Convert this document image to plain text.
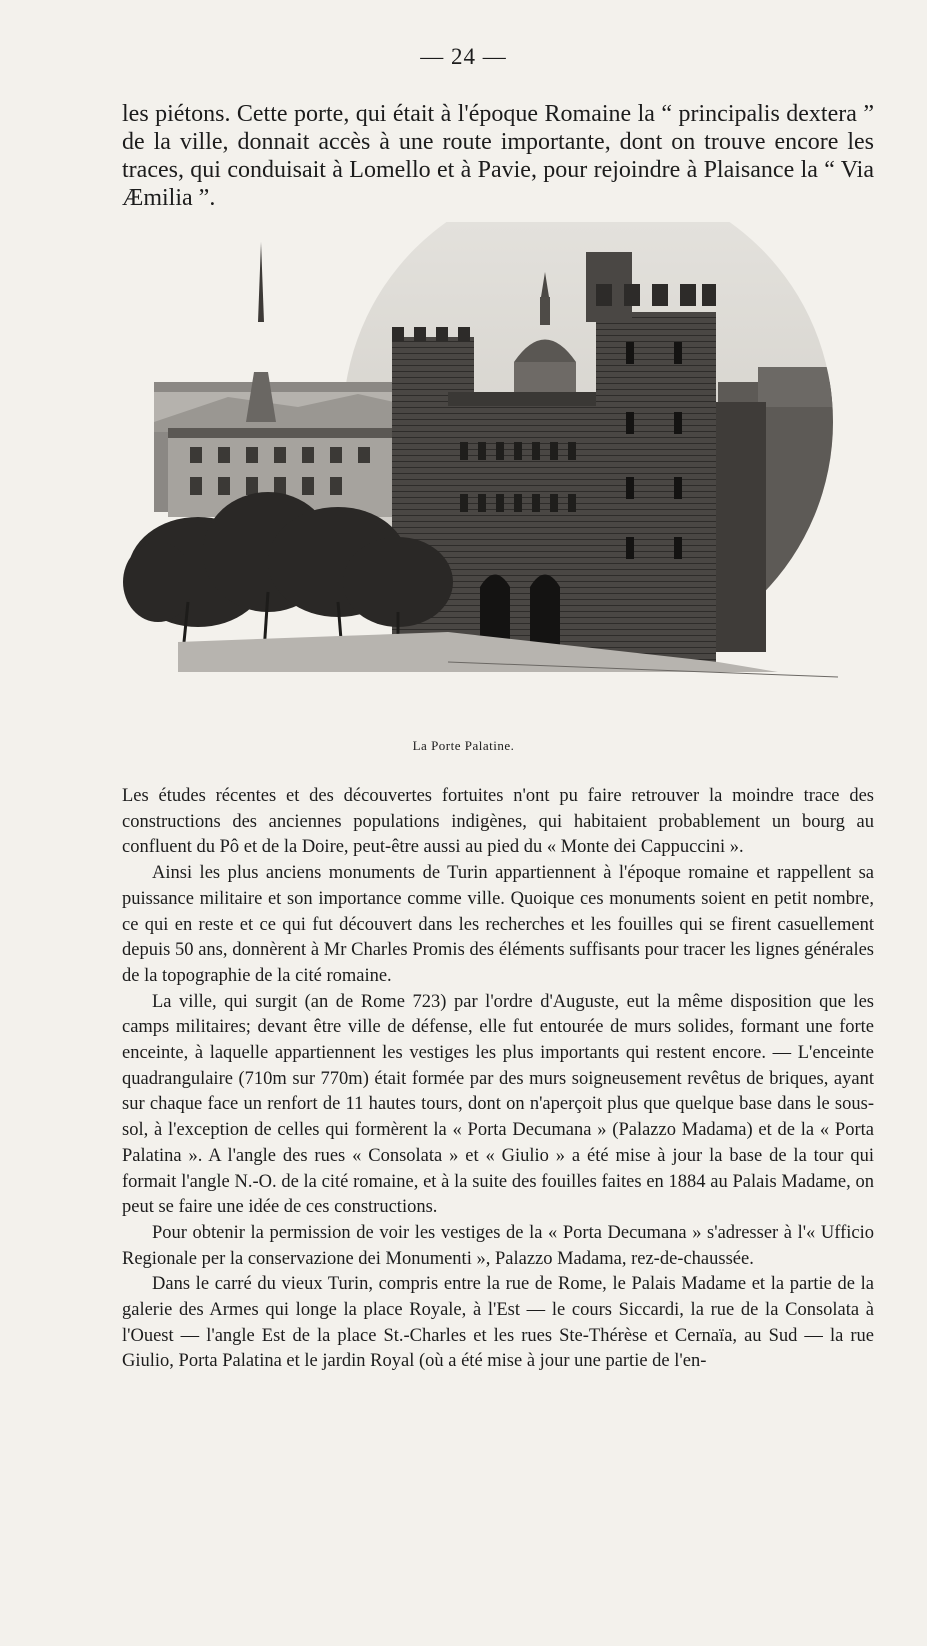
— 24 —

les piétons. Cette porte, qui était à l'époque Romaine la “ principalis dextera ” de la ville, donnait accès à une route importante, dont on trouve encore les traces, qui conduisait à Lomello et à Pavie, pour rejoindre à Plaisance la “ Via Æmilia ”.

La Porte Palatine.

Les études récentes et des découvertes fortuites n'ont pu faire retrouver la moindre trace des constructions des anciennes populations indigènes, qui habitaient probablement un bourg au confluent du Pô et de la Doire, peut-être aussi au pied du « Monte dei Cappuccini ».

Ainsi les plus anciens monuments de Turin appartiennent à l'époque romaine et rappellent sa puissance militaire et son importance comme ville. Quoique ces monuments soient en petit nombre, ce qui en reste et ce qui fut découvert dans les recherches et les fouilles qui se firent casuellement depuis 50 ans, donnèrent à Mr Charles Promis des éléments suffisants pour tracer les lignes générales de la topographie de la cité romaine.

La ville, qui surgit (an de Rome 723) par l'ordre d'Auguste, eut la même disposition que les camps militaires; devant être ville de défense, elle fut entourée de murs solides, formant une forte enceinte, à laquelle appartiennent les vestiges les plus importants qui restent encore. — L'enceinte quadrangulaire (710m sur 770m) était formée par des murs soigneusement revêtus de briques, ayant sur chaque face un renfort de 11 hautes tours, dont on n'aperçoit plus que quelque base dans le sous-sol, à l'exception de celles qui formèrent la « Porta Decumana » (Palazzo Madama) et de la « Porta Palatina ». A l'angle des rues « Consolata » et « Giulio » a été mise à jour la base de la tour qui formait l'angle N.-O. de la cité romaine, et à la suite des fouilles faites en 1884 au Palais Madame, on peut se faire une idée de ces constructions.

Pour obtenir la permission de voir les vestiges de la « Porta Decumana » s'adresser à l'« Ufficio Regionale per la conservazione dei Monumenti », Palazzo Madama, rez-de-chaussée.

Dans le carré du vieux Turin, compris entre la rue de Rome, le Palais Madame et la partie de la galerie des Armes qui longe la place Royale, à l'Est — le cours Siccardi, la rue de la Consolata à l'Ouest — l'angle Est de la place St.-Charles et les rues Ste-Thérèse et Cernaïa, au Sud — la rue Giulio, Porta Palatina et le jardin Royal (où a été mise à jour une partie de l'en-
